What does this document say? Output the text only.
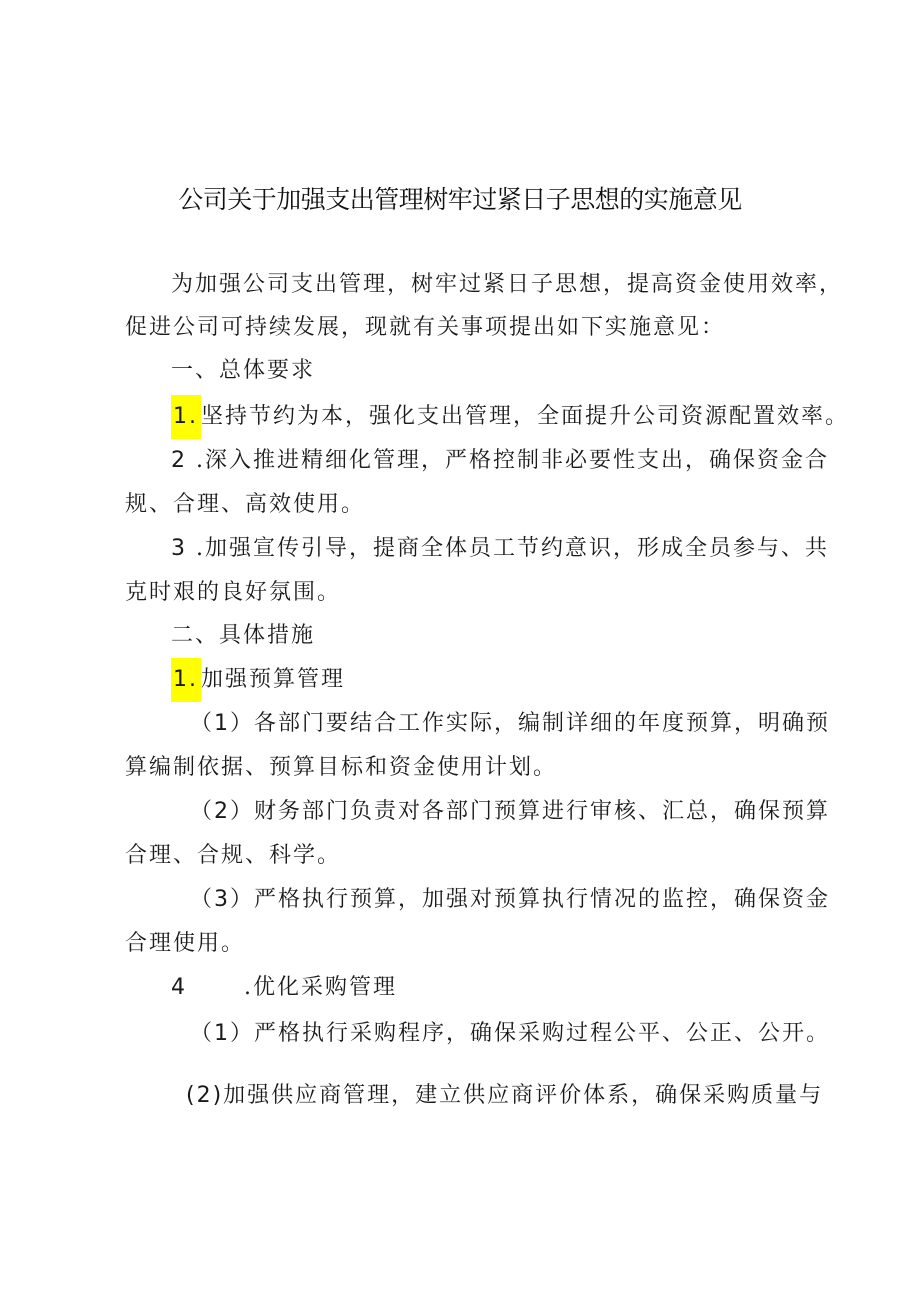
公司关于加强支出管理树牢过紧日子思想的实施意见
为加强公司支出管理，树牢过紧日子思想，提高资金使用效率，
促进公司可持续发展，现就有关事项提出如下实施意见：
一、总体要求
1. 坚持节约为本，强化支出管理，全面提升公司资源配置效率。
2 .深入推进精细化管理，严格控制非必要性支出，确保资金合
规、合理、高效使用。
3 .加强宣传引导，提商全体员工节约意识，形成全员参与、共
克时艰的良好氛围。
二、具体措施
1. 加强预算管理
（1）各部门要结合工作实际，编制详细的年度预算，明确预
算编制依据、预算目标和资金使用计划。
（2）财务部门负责对各部门预算进行审核、汇总，确保预算
合理、合规、科学。
（3）严格执行预算，加强对预算执行情况的监控，确保资金
合理使用。
4	.优化采购管理
（1）严格执行采购程序，确保采购过程公平、公正、公开。
(2)加强供应商管理，建立供应商评价体系，确保采购质量与
